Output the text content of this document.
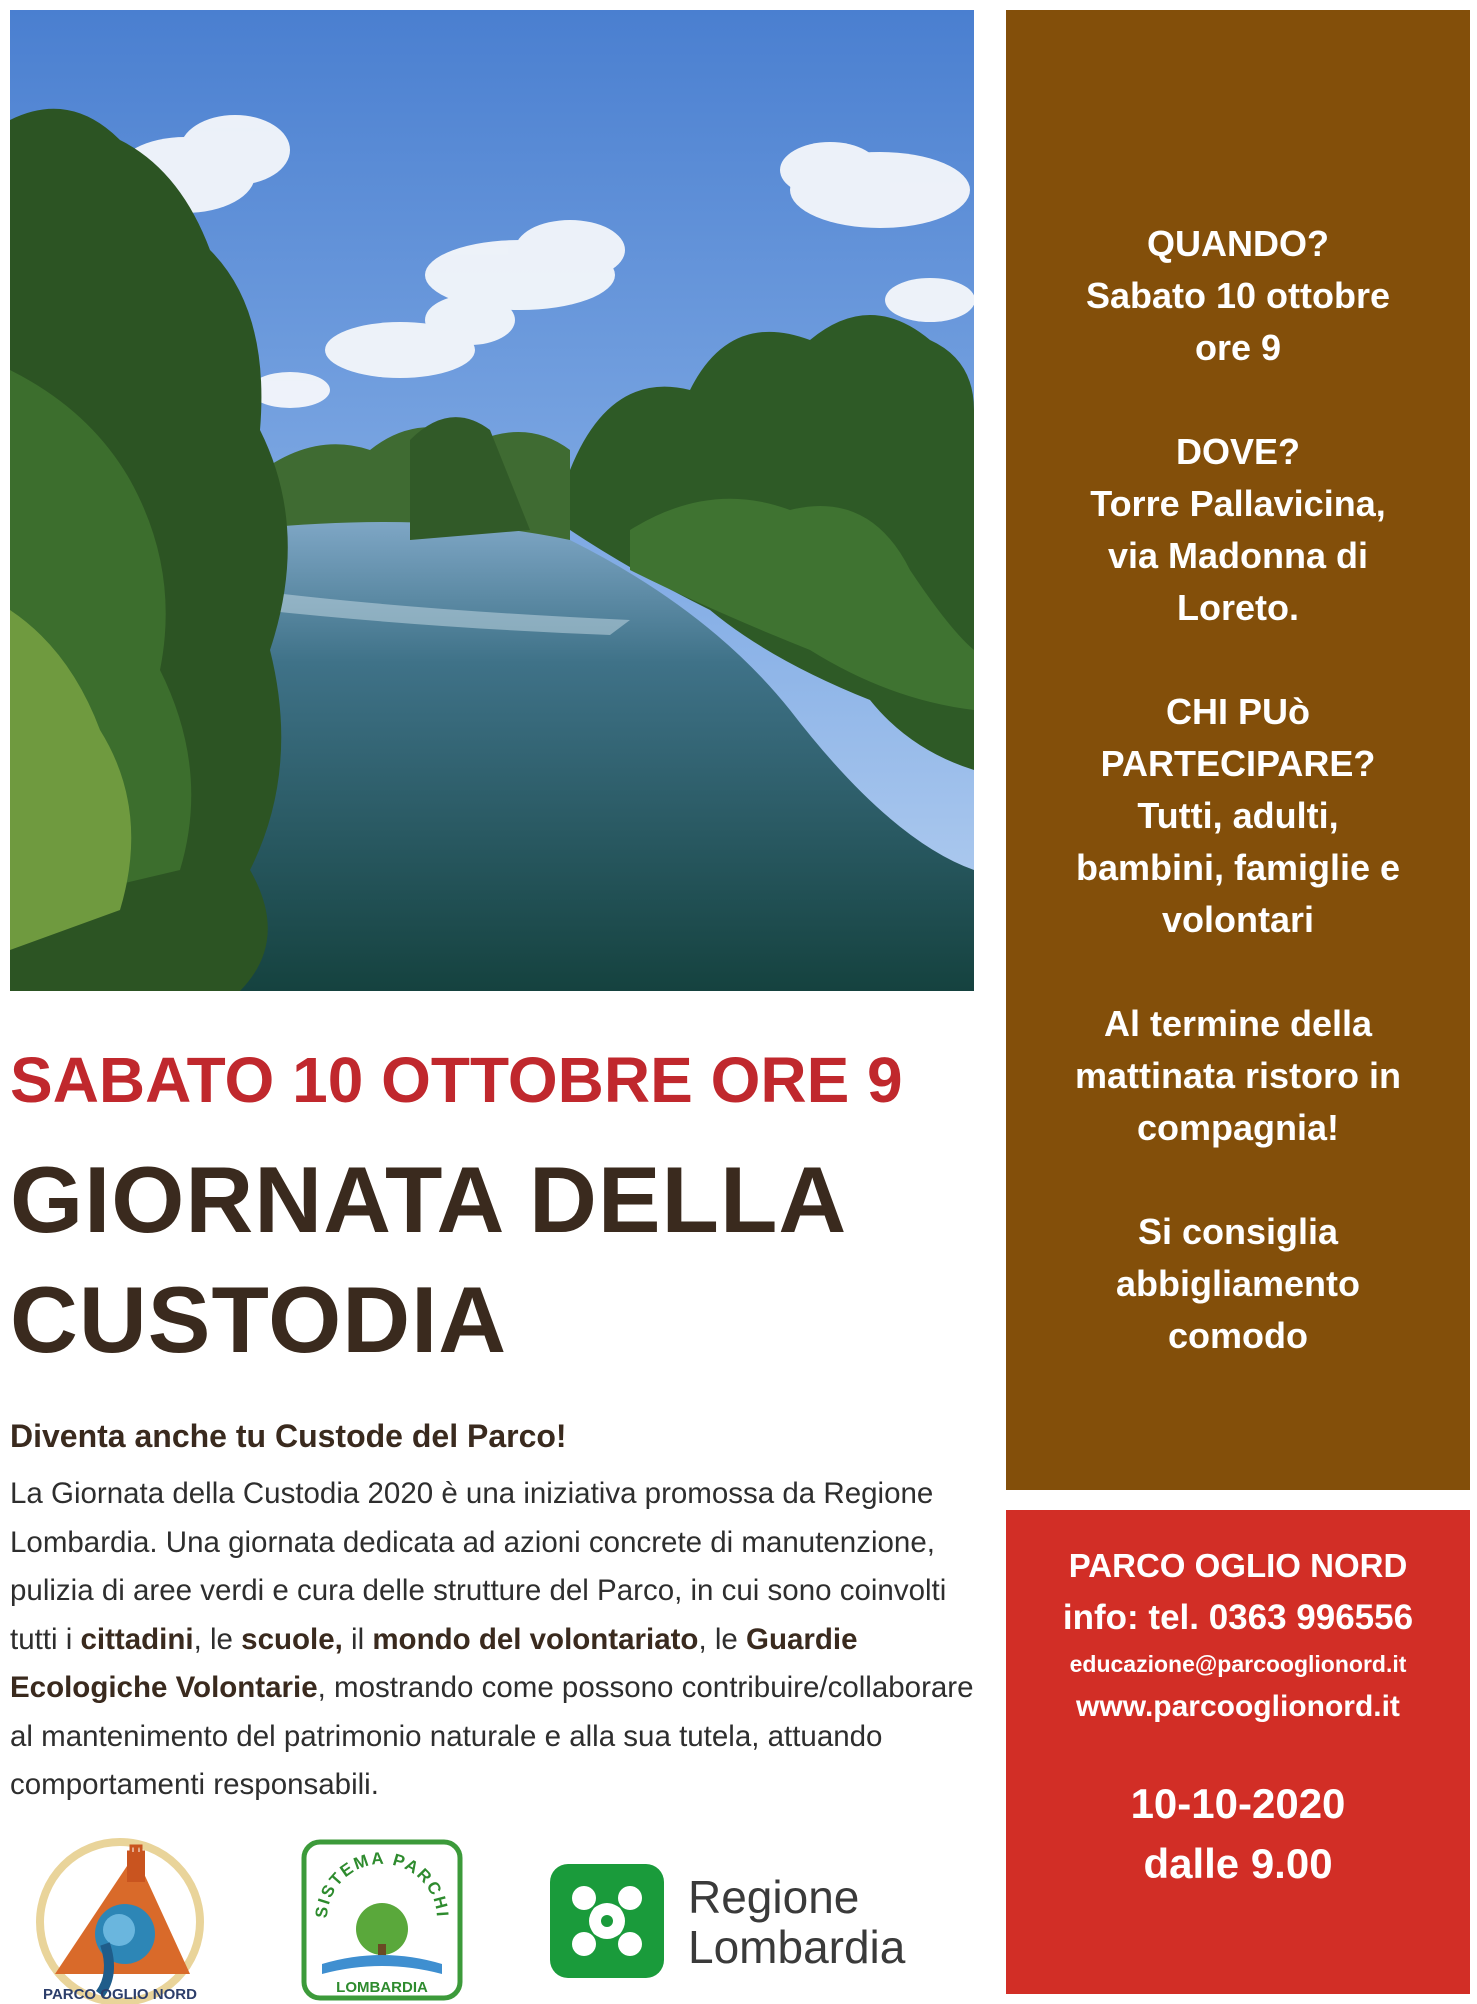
SABATO 10 OTTOBRE ORE 9
GIORNATA DELLA
CUSTODIA
Diventa anche tu Custode del Parco!
La Giornata della Custodia 2020 è una iniziativa promossa da Regione Lombardia. Una giornata dedicata ad azioni concrete di manutenzione, pulizia di aree verdi e cura delle strutture del Parco, in cui sono coinvolti tutti i cittadini, le scuole, il mondo del volontariato, le Guardie Ecologiche Volontarie, mostrando come possono contribuire/collaborare al mantenimento del patrimonio naturale e alla sua tutela, attuando comportamenti responsabili.
PARCO OGLIO NORD
SISTEMA PARCHI
LOMBARDIA
Regione
Lombardia
QUANDO?
Sabato 10 ottobre
ore 9
DOVE?
Torre Pallavicina,
via Madonna di
Loreto.
CHI PUò
PARTECIPARE?
Tutti, adulti,
bambini, famiglie e
volontari
Al termine della
mattinata ristoro in
compagnia!
Si consiglia
abbigliamento
comodo
PARCO OGLIO NORD
info: tel. 0363 996556
educazione@parcooglionord.it
www.parcooglionord.it
10-10-2020
dalle 9.00
